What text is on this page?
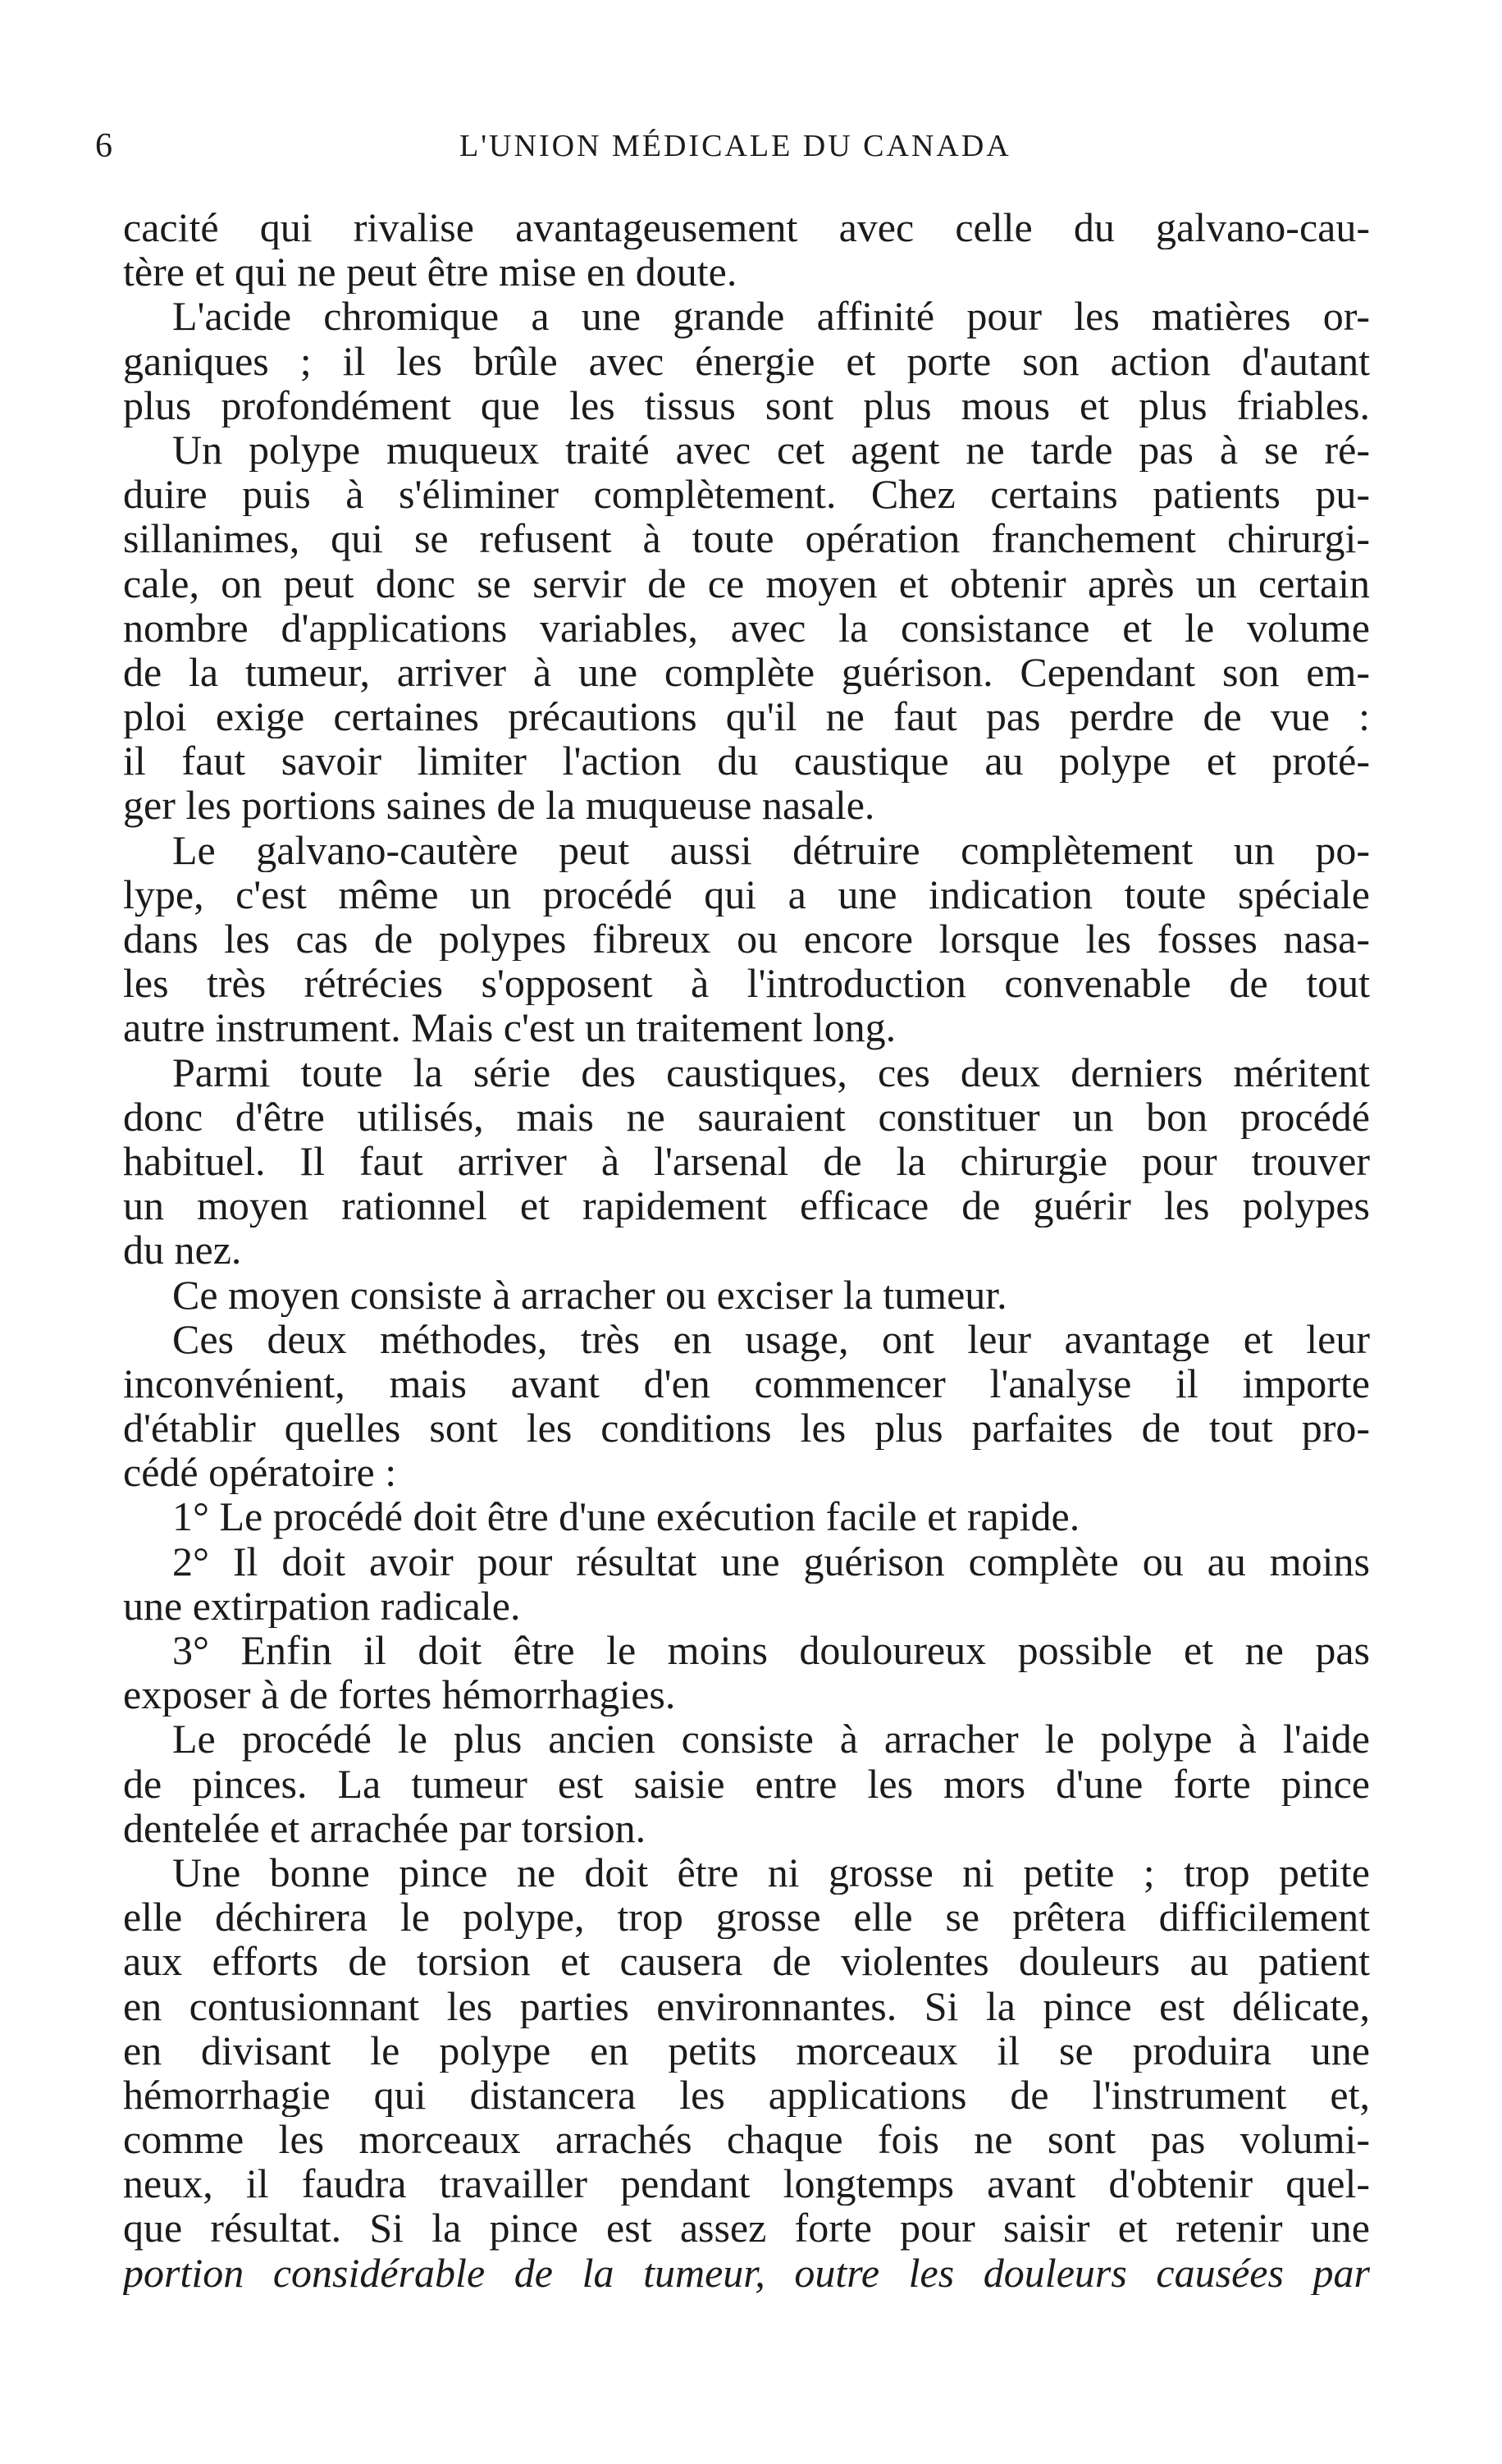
6	L'UNION MÉDICALE DU CANADA
cacité qui rivalise avantageusement avec celle du galvano-cau-
tère et qui ne peut être mise en doute.
L'acide chromique a une grande affinité pour les matières or-
ganiques ; il les brûle avec énergie et porte son action d'autant
plus profondément que les tissus sont plus mous et plus friables.
Un polype muqueux traité avec cet agent ne tarde pas à se ré-
duire puis à s'éliminer complètement. Chez certains patients pu-
sillanimes, qui se refusent à toute opération franchement chirurgi-
cale, on peut donc se servir de ce moyen et obtenir après un certain
nombre d'applications variables, avec la consistance et le volume
de la tumeur, arriver à une complète guérison. Cependant son em-
ploi exige certaines précautions qu'il ne faut pas perdre de vue :
il faut savoir limiter l'action du caustique au polype et proté-
ger les portions saines de la muqueuse nasale.
Le galvano-cautère peut aussi détruire complètement un po-
lype, c'est même un procédé qui a une indication toute spéciale
dans les cas de polypes fibreux ou encore lorsque les fosses nasa-
les très rétrécies s'opposent à l'introduction convenable de tout
autre instrument. Mais c'est un traitement long.
Parmi toute la série des caustiques, ces deux derniers méritent
donc d'être utilisés, mais ne sauraient constituer un bon procédé
habituel. Il faut arriver à l'arsenal de la chirurgie pour trouver
un moyen rationnel et rapidement efficace de guérir les polypes
du nez.
Ce moyen consiste à arracher ou exciser la tumeur.
Ces deux méthodes, très en usage, ont leur avantage et leur
inconvénient, mais avant d'en commencer l'analyse il importe
d'établir quelles sont les conditions les plus parfaites de tout pro-
cédé opératoire :
1° Le procédé doit être d'une exécution facile et rapide.
2° Il doit avoir pour résultat une guérison complète ou au moins
une extirpation radicale.
3° Enfin il doit être le moins douloureux possible et ne pas
exposer à de fortes hémorrhagies.
Le procédé le plus ancien consiste à arracher le polype à l'aide
de pinces. La tumeur est saisie entre les mors d'une forte pince
dentelée et arrachée par torsion.
Une bonne pince ne doit être ni grosse ni petite ; trop petite
elle déchirera le polype, trop grosse elle se prêtera difficilement
aux efforts de torsion et causera de violentes douleurs au patient
en contusionnant les parties environnantes. Si la pince est délicate,
en divisant le polype en petits morceaux il se produira une
hémorrhagie qui distancera les applications de l'instrument et,
comme les morceaux arrachés chaque fois ne sont pas volumi-
neux, il faudra travailler pendant longtemps avant d'obtenir quel-
que résultat. Si la pince est assez forte pour saisir et retenir une
portion considérable de la tumeur, outre les douleurs causées par
